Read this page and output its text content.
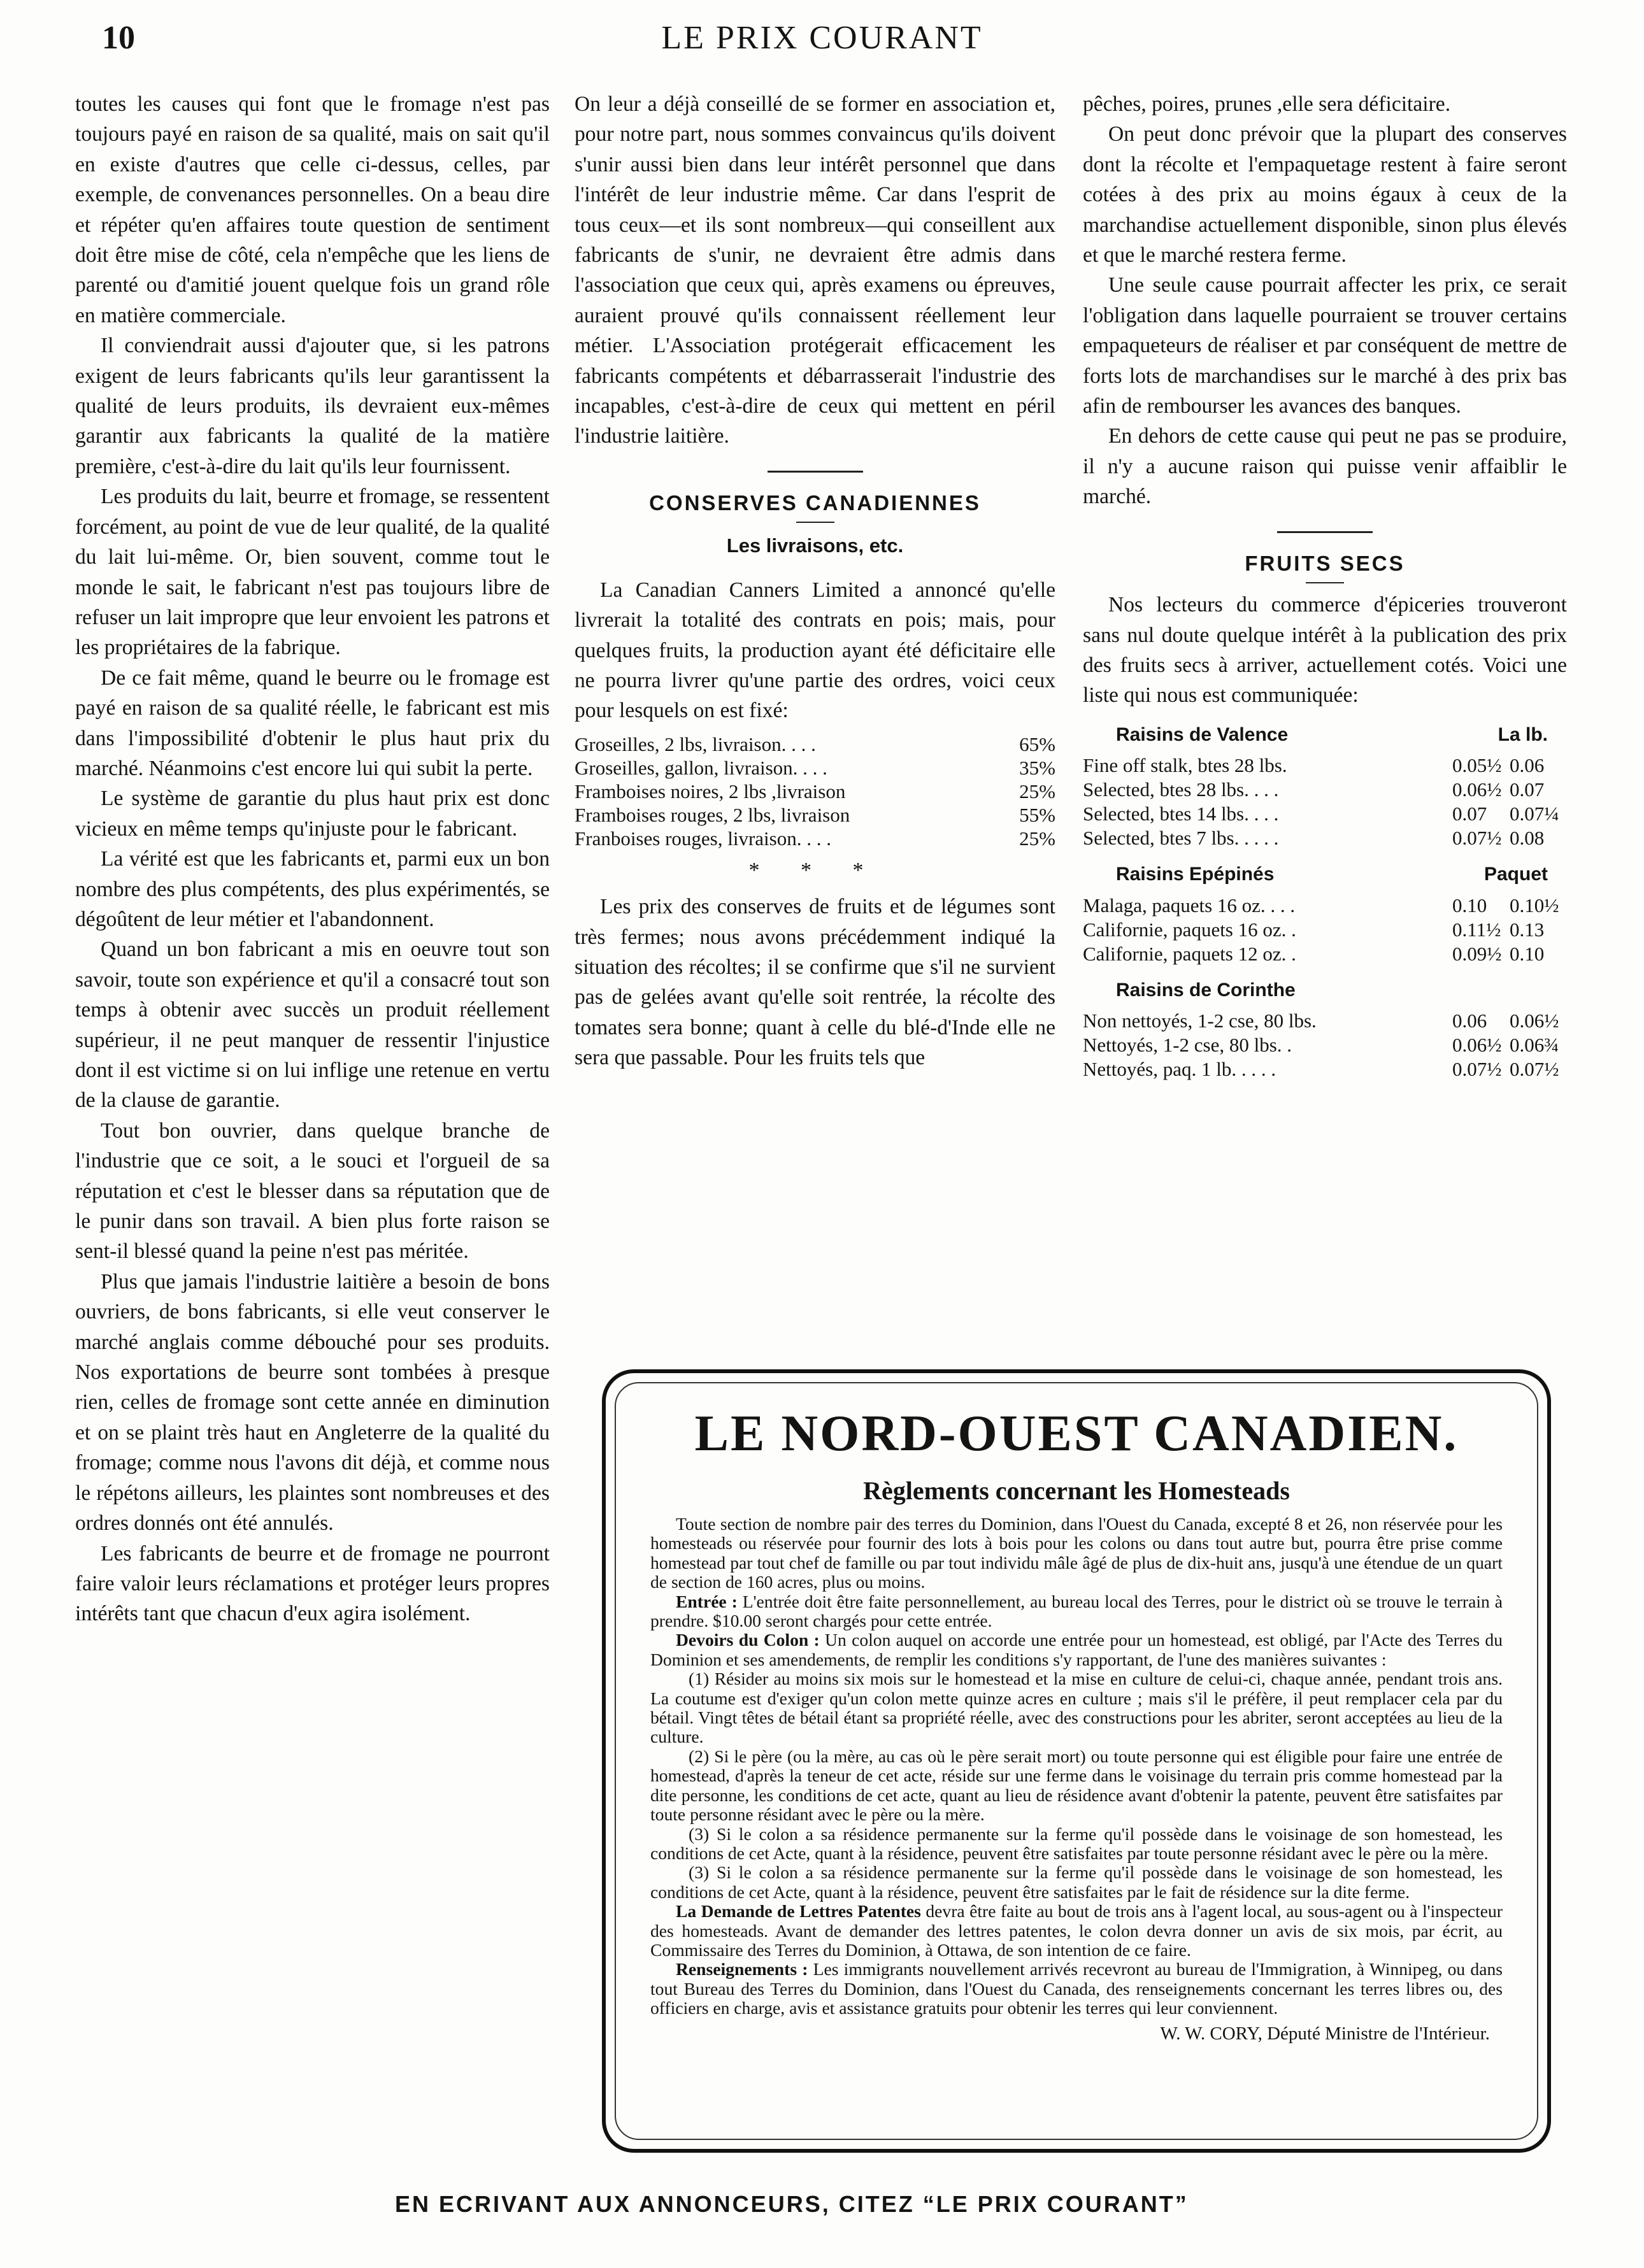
10	LE PRIX COURANT

toutes les causes qui font que le fromage n'est pas toujours payé en raison de sa qualité, mais on sait qu'il en existe d'autres que celle ci-dessus, celles, par exemple, de convenances personnelles. On a beau dire et répéter qu'en affaires toute question de sentiment doit être mise de côté, cela n'empêche que les liens de parenté ou d'amitié jouent quelque fois un grand rôle en matière commerciale.

Il conviendrait aussi d'ajouter que, si les patrons exigent de leurs fabricants qu'ils leur garantissent la qualité de leurs produits, ils devraient eux-mêmes garantir aux fabricants la qualité de la matière première, c'est-à-dire du lait qu'ils leur fournissent.

Les produits du lait, beurre et fromage, se ressentent forcément, au point de vue de leur qualité, de la qualité du lait lui-même. Or, bien souvent, comme tout le monde le sait, le fabricant n'est pas toujours libre de refuser un lait impropre que leur envoient les patrons et les propriétaires de la fabrique.

De ce fait même, quand le beurre ou le fromage est payé en raison de sa qualité réelle, le fabricant est mis dans l'impossibilité d'obtenir le plus haut prix du marché. Néanmoins c'est encore lui qui subit la perte.

Le système de garantie du plus haut prix est donc vicieux en même temps qu'injuste pour le fabricant.

La vérité est que les fabricants et, parmi eux un bon nombre des plus compétents, des plus expérimentés, se dégoûtent de leur métier et l'abandonnent.

Quand un bon fabricant a mis en oeuvre tout son savoir, toute son expérience et qu'il a consacré tout son temps à obtenir avec succès un produit réellement supérieur, il ne peut manquer de ressentir l'injustice dont il est victime si on lui inflige une retenue en vertu de la clause de garantie.

Tout bon ouvrier, dans quelque branche de l'industrie que ce soit, a le souci et l'orgueil de sa réputation et c'est le blesser dans sa réputation que de le punir dans son travail. A bien plus forte raison se sent-il blessé quand la peine n'est pas méritée.

Plus que jamais l'industrie laitière a besoin de bons ouvriers, de bons fabricants, si elle veut conserver le marché anglais comme débouché pour ses produits. Nos exportations de beurre sont tombées à presque rien, celles de fromage sont cette année en diminution et on se plaint très haut en Angleterre de la qualité du fromage; comme nous l'avons dit déjà, et comme nous le répétons ailleurs, les plaintes sont nombreuses et des ordres donnés ont été annulés.

Les fabricants de beurre et de fromage ne pourront faire valoir leurs réclamations et protéger leurs propres intérêts tant que chacun d'eux agira isolément.

On leur a déjà conseillé de se former en association et, pour notre part, nous sommes convaincus qu'ils doivent s'unir aussi bien dans leur intérêt personnel que dans l'intérêt de leur industrie même. Car dans l'esprit de tous ceux—et ils sont nombreux—qui conseillent aux fabricants de s'unir, ne devraient être admis dans l'association que ceux qui, après examens ou épreuves, auraient prouvé qu'ils connaissent réellement leur métier. L'Association protégerait efficacement les fabricants compétents et débarrasserait l'industrie des incapables, c'est-à-dire de ceux qui mettent en péril l'industrie laitière.

CONSERVES CANADIENNES
Les livraisons, etc.

La Canadian Canners Limited a annoncé qu'elle livrerait la totalité des contrats en pois; mais, pour quelques fruits, la production ayant été déficitaire elle ne pourra livrer qu'une partie des ordres, voici ceux pour lesquels on est fixé:

Groseilles, 2 lbs, livraison. . . .	65%
Groseilles, gallon, livraison. . . .	35%
Framboises noires, 2 lbs ,livraison	25%
Framboises rouges, 2 lbs, livraison	55%
Franboises rouges, livraison. . . .	25%
* * *

Les prix des conserves de fruits et de légumes sont très fermes; nous avons précédemment indiqué la situation des récoltes; il se confirme que s'il ne survient pas de gelées avant qu'elle soit rentrée, la récolte des tomates sera bonne; quant à celle du blé-d'Inde elle ne sera que passable. Pour les fruits tels que

pêches, poires, prunes ,elle sera déficitaire.

On peut donc prévoir que la plupart des conserves dont la récolte et l'empaquetage restent à faire seront cotées à des prix au moins égaux à ceux de la marchandise actuellement disponible, sinon plus élevés et que le marché restera ferme.

Une seule cause pourrait affecter les prix, ce serait l'obligation dans laquelle pourraient se trouver certains empaqueteurs de réaliser et par conséquent de mettre de forts lots de marchandises sur le marché à des prix bas afin de rembourser les avances des banques.

En dehors de cette cause qui peut ne pas se produire, il n'y a aucune raison qui puisse venir affaiblir le marché.

FRUITS SECS

Nos lecteurs du commerce d'épiceries trouveront sans nul doute quelque intérêt à la publication des prix des fruits secs à arriver, actuellement cotés. Voici une liste qui nous est communiquée:

Raisins de Valence	La lb.
Fine off stalk, btes 28 lbs.	0.05½	0.06
Selected, btes 28 lbs. . . .	0.06½	0.07
Selected, btes 14 lbs. . . .	0.07	0.07¼
Selected, btes 7 lbs. . . . .	0.07½	0.08
Raisins Epépinés	Paquet
Malaga, paquets 16 oz. . . .	0.10	0.10½
Californie, paquets 16 oz. .	0.11½	0.13
Californie, paquets 12 oz. .	0.09½	0.10
Raisins de Corinthe
Non nettoyés, 1-2 cse, 80 lbs.	0.06	0.06½
Nettoyés, 1-2 cse, 80 lbs. .	0.06½	0.06¾
Nettoyés, paq. 1 lb. . . . .	0.07½	0.07½
LE NORD-OUEST CANADIEN.
Règlements concernant les Homesteads

Toute section de nombre pair des terres du Dominion, dans l'Ouest du Canada, excepté 8 et 26, non réservée pour les homesteads ou réservée pour fournir des lots à bois pour les colons ou dans tout autre but, pourra être prise comme homestead par tout chef de famille ou par tout individu mâle âgé de plus de dix-huit ans, jusqu'à une étendue de un quart de section de 160 acres, plus ou moins.

Entrée : L'entrée doit être faite personnellement, au bureau local des Terres, pour le district où se trouve le terrain à prendre. $10.00 seront chargés pour cette entrée.

Devoirs du Colon : Un colon auquel on accorde une entrée pour un homestead, est obligé, par l'Acte des Terres du Dominion et ses amendements, de remplir les conditions s'y rapportant, de l'une des manières suivantes :

(1) Résider au moins six mois sur le homestead et la mise en culture de celui-ci, chaque année, pendant trois ans. La coutume est d'exiger qu'un colon mette quinze acres en culture ; mais s'il le préfère, il peut remplacer cela par du bétail. Vingt têtes de bétail étant sa propriété réelle, avec des constructions pour les abriter, seront acceptées au lieu de la culture.

(2) Si le père (ou la mère, au cas où le père serait mort) ou toute personne qui est éligible pour faire une entrée de homestead, d'après la teneur de cet acte, réside sur une ferme dans le voisinage du terrain pris comme homestead par la dite personne, les conditions de cet acte, quant au lieu de résidence avant d'obtenir la patente, peuvent être satisfaites par toute personne résidant avec le père ou la mère.

(3) Si le colon a sa résidence permanente sur la ferme qu'il possède dans le voisinage de son homestead, les conditions de cet Acte, quant à la résidence, peuvent être satisfaites par toute personne résidant avec le père ou la mère.

(3) Si le colon a sa résidence permanente sur la ferme qu'il possède dans le voisinage de son homestead, les conditions de cet Acte, quant à la résidence, peuvent être satisfaites par le fait de résidence sur la dite ferme.

La Demande de Lettres Patentes devra être faite au bout de trois ans à l'agent local, au sous-agent ou à l'inspecteur des homesteads. Avant de demander des lettres patentes, le colon devra donner un avis de six mois, par écrit, au Commissaire des Terres du Dominion, à Ottawa, de son intention de ce faire.

Renseignements : Les immigrants nouvellement arrivés recevront au bureau de l'Immigration, à Winnipeg, ou dans tout Bureau des Terres du Dominion, dans l'Ouest du Canada, des renseignements concernant les terres libres ou, des officiers en charge, avis et assistance gratuits pour obtenir les terres qui leur conviennent.

W. W. CORY, Député Ministre de l'Intérieur.
EN ECRIVANT AUX ANNONCEURS, CITEZ “LE PRIX COURANT”
